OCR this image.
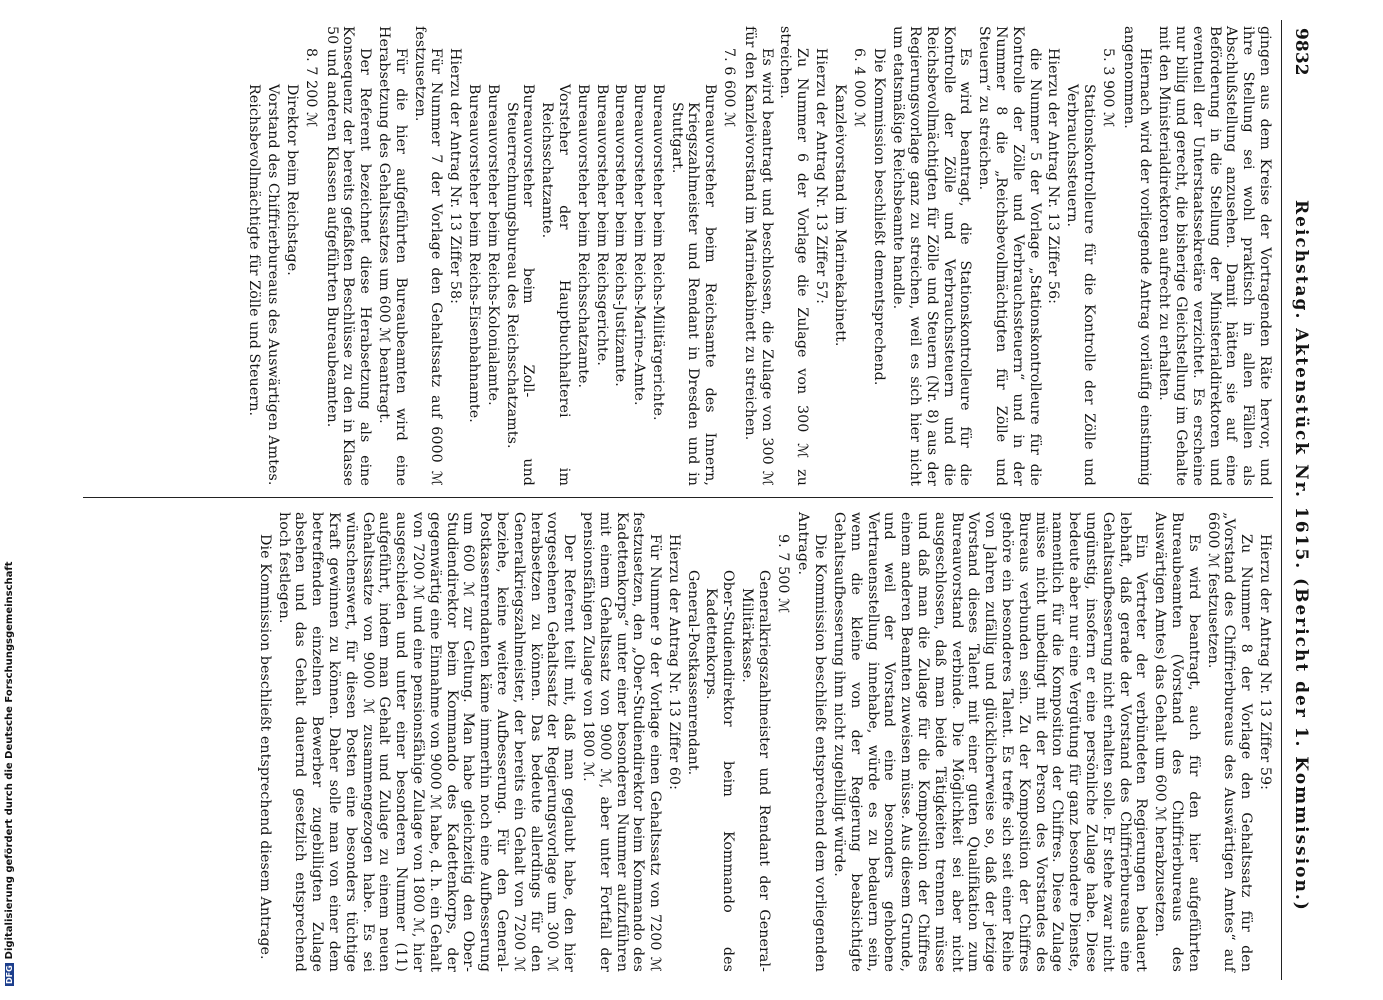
9832
Reichstag. Aktenstück Nr. 1615. (Bericht der 1. Kommission.)

gingen aus dem Kreise der Vortragenden Räte hervor, und ihre Stellung sei wohl praktisch in allen Fällen als Abschlußstellung anzusehen. Damit hätten sie auf eine Beförderung in die Stellung der Ministerialdirektoren und eventuell der Unterstaatssekretäre verzichtet. Es erscheine nur billig und gerecht, die bisherige Gleichstellung im Gehalte mit den Ministerialdirektoren aufrecht zu erhalten.

Hiernach wird der vorliegende Antrag vorläufig einstimmig angenommen.

5. 3 900 ℳ

Stationskontrolleure für die Kontrolle der Zölle und Verbrauchssteuern.

Hierzu der Antrag Nr. 13 Ziffer 56:

die Nummer 5 der Vorlage „Stationskontrolleure für die Kontrolle der Zölle und Verbrauchssteuern“ und in der Nummer 8 die „Reichsbevollmächtigten für Zölle und Steuern“ zu streichen.

Es wird beantragt, die Stationskontrolleure für die Kontrolle der Zölle und Verbrauchssteuern und die Reichsbevollmächtigten für Zölle und Steuern (Nr. 8) aus der Regierungsvorlage ganz zu streichen, weil es sich hier nicht um etatsmäßige Reichsbeamte handle.

Die Kommission beschließt dementsprechend.

6. 4 000 ℳ

Kanzleivorstand im Marinekabinett.

Hierzu der Antrag Nr. 13 Ziffer 57:

Zu Nummer 6 der Vorlage die Zulage von 300 ℳ zu streichen.

Es wird beantragt und beschlossen, die Zulage von 300 ℳ für den Kanzleivorstand im Marinekabinett zu streichen.

7. 6 600 ℳ

Bureauvorsteher beim Reichsamte des Innern, Kriegszahlmeister und Rendant in Dresden und in Stuttgart.

Bureauvorsteher beim Reichs-Militärgerichte.

Bureauvorsteher beim Reichs-Marine-Amte.

Bureauvorsteher beim Reichs-Justizamte.

Bureauvorsteher beim Reichsgerichte.

Bureauvorsteher beim Reichsschatzamte.

Vorsteher der Hauptbuchhalterei im Reichsschatzamte.

Bureauvorsteher beim Zoll- und Steuerrechnungsbureau des Reichsschatzamts.

Bureauvorsteher beim Reichs-Kolonialamte.

Bureauvorsteher beim Reichs-Eisenbahnamte.

Hierzu der Antrag Nr. 13 Ziffer 58:

Für Nummer 7 der Vorlage den Gehaltssatz auf 6000 ℳ festzusetzen.

Für die hier aufgeführten Bureaubeamten wird eine Herabsetzung des Gehaltssatzes um 600 ℳ beantragt.

Der Referent bezeichnet diese Herabsetzung als eine Konsequenz der bereits gefaßten Beschlüsse zu den in Klasse 50 und anderen Klassen aufgeführten Bureaubeamten.

8. 7 200 ℳ

Direktor beim Reichstage.

Vorstand des Chiffrierbureaus des Auswärtigen Amtes.

Reichsbevollmächtigte für Zölle und Steuern.

Hierzu der Antrag Nr. 13 Ziffer 59:

Zu Nummer 8 der Vorlage den Gehaltssatz für den „Vorstand des Chiffrierbureaus des Auswärtigen Amtes“ auf 6600 ℳ festzusetzen.

Es wird beantragt, auch für den hier aufgeführten Bureaubeamten (Vorstand des Chiffrierbureaus des Auswärtigen Amtes) das Gehalt um 600 ℳ herabzusetzen.

Ein Vertreter der verbündeten Regierungen bedauert lebhaft, daß gerade der Vorstand des Chiffrierbureaus eine Gehaltsaufbesserung nicht erhalten solle. Er stehe zwar nicht ungünstig, insofern er eine persönliche Zulage habe. Diese bedeute aber nur eine Vergütung für ganz besondere Dienste, namentlich für die Komposition der Chiffres. Diese Zulage müsse nicht unbedingt mit der Person des Vorstandes des Bureaus verbunden sein. Zu der Komposition der Chiffres gehöre ein besonderes Talent. Es treffe sich seit einer Reihe von Jahren zufällig und glücklicherweise so, daß der jetzige Vorstand dieses Talent mit einer guten Qualifikation zum Bureauvorstand verbinde. Die Möglichkeit sei aber nicht ausgeschlossen, daß man beide Tätigkeiten trennen müsse und daß man die Zulage für die Komposition der Chiffres einem anderen Beamten zuweisen müsse. Aus diesem Grunde, und weil der Vorstand eine besonders gehobene Vertrauensstellung innehabe, würde es zu bedauern sein, wenn die kleine von der Regierung beabsichtigte Gehaltsaufbesserung ihm nicht zugebilligt würde.

Die Kommission beschließt entsprechend dem vorliegenden Antrage.

9. 7 500 ℳ

Generalkriegszahlmeister und Rendant der General-Militärkasse.

Ober-Studiendirektor beim Kommando des Kadettenkorps.

General-Postkassenrendant.

Hierzu der Antrag Nr. 13 Ziffer 60:

Für Nummer 9 der Vorlage einen Gehaltssatz von 7200 ℳ festzusetzen, den „Ober-Studiendirektor beim Kommando des Kadettenkorps“ unter einer besonderen Nummer aufzuführen mit einem Gehaltssatz von 9000 ℳ, aber unter Fortfall der pensionsfähigen Zulage von 1800 ℳ.

Der Referent teilt mit, daß man geglaubt habe, den hier vorgesehenen Gehaltssatz der Regierungsvorlage um 300 ℳ herabsetzen zu können. Das bedeute allerdings für den Generalkriegszahlmeister, der bereits ein Gehalt von 7200 ℳ beziehe, keine weitere Aufbesserung. Für den General-Postkassenrendanten käme immerhin noch eine Aufbesserung um 600 ℳ zur Geltung. Man habe gleichzeitig den Ober-Studiendirektor beim Kommando des Kadettenkorps, der gegenwärtig eine Einnahme von 9000 ℳ habe, d. h. ein Gehalt von 7200 ℳ und eine pensionsfähige Zulage von 1800 ℳ, hier ausgeschieden und unter einer besonderen Nummer (11) aufgeführt, indem man Gehalt und Zulage zu einem neuen Gehaltssatze von 9000 ℳ zusammengezogen habe. Es sei wünschenswert, für diesen Posten eine besonders tüchtige Kraft gewinnen zu können. Daher solle man von einer dem betreffenden einzelnen Bewerber zugebilligten Zulage absehen und das Gehalt dauernd gesetzlich entsprechend hoch festlegen.

Die Kommission beschließt entsprechend diesem Antrage.

DFGDigitalisierung gefördert durch die Deutsche Forschungsgemeinschaft
